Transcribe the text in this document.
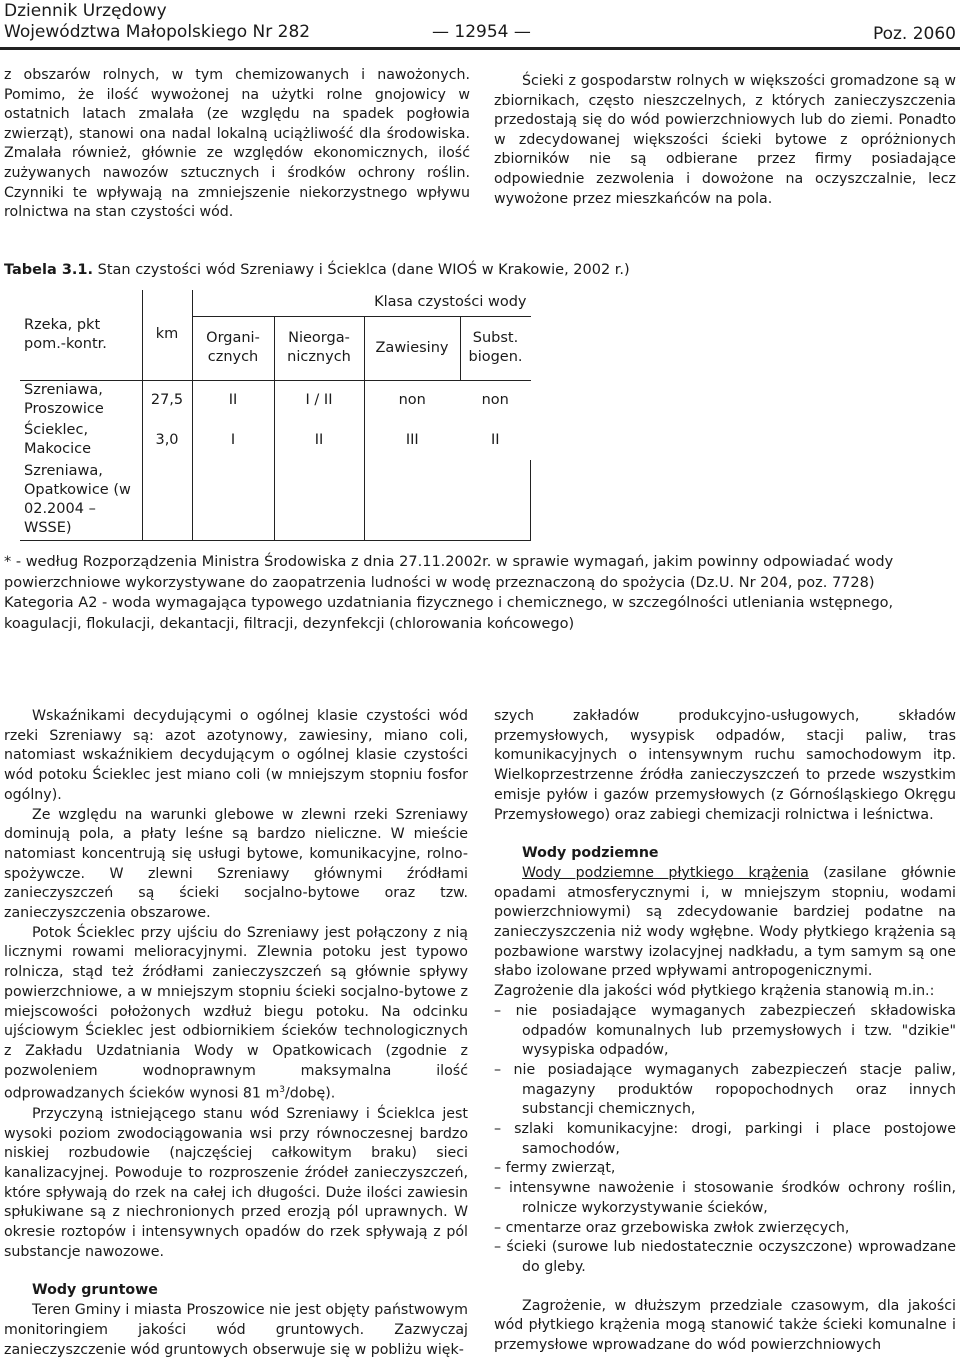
Dziennik Urzędowy
Województwa Małopolskiego Nr 282	— 12954 —	Poz. 2060

z obszarów rolnych, w tym chemizowanych i nawożonych. Pomimo, że ilość wywożonej na użytki rolne gnojowicy w ostatnich latach zmalała (ze względu na spadek pogłowia zwierząt), stanowi ona nadal lokalną uciążliwość dla środowiska. Zmalała również, głównie ze względów ekonomicznych, ilość zużywanych nawozów sztucznych i środków ochrony roślin. Czynniki te wpływają na zmniejszenie niekorzystnego wpływu rolnictwa na stan czystości wód.

Ścieki z gospodarstw rolnych w większości gromadzone są w zbiornikach, często nieszczelnych, z których zanieczyszczenia przedostają się do wód powierzchniowych lub do ziemi. Ponadto w zdecydowanej większości ścieki bytowe z opróżnionych zbiorników nie są odbierane przez firmy posiadające odpowiednie zezwolenia i dowożone na oczyszczalnie, lecz wywożone przez mieszkańców na pola.

Tabela 3.1. Stan czystości wód Szreniawy i Ścieklca (dane WIOŚ w Krakowie, 2002 r.)
Rzeka, pkt pom.-kontr.	km	Klasa czystości wody			

		Organi-cznych	Nieorga-nicznych	Zawiesiny	Subst. biogen.

Szreniawa, Proszowice	27,5	II	I / II	non	non
Ścieklec, Makocice	3,0	I	II	III	II

Szreniawa, Opatkowice (w 02.2004 – WSSE)					

* - według Rozporządzenia Ministra Środowiska z dnia 27.11.2002r. w sprawie wymagań, jakim powinny odpowiadać wody powierzchniowe wykorzystywane do zaopatrzenia ludności w wodę przeznaczoną do spożycia (Dz.U. Nr 204, poz. 7728)

Kategoria A2 - woda wymagająca typowego uzdatniania fizycznego i chemicznego, w szczególności utleniania wstępnego, koagulacji, flokulacji, dekantacji, filtracji, dezynfekcji (chlorowania końcowego)

Wskaźnikami decydującymi o ogólnej klasie czystości wód rzeki Szreniawy są: azot azotynowy, zawiesiny, miano coli, natomiast wskaźnikiem decydującym o ogólnej klasie czystości wód potoku Ścieklec jest miano coli (w mniejszym stopniu fosfor ogólny).

Ze względu na warunki glebowe w zlewni rzeki Szreniawy dominują pola, a płaty leśne są bardzo nieliczne. W mieście natomiast koncentrują się usługi bytowe, komunikacyjne, rolno-spożywcze. W zlewni Szreniawy głównymi źródłami zanieczyszczeń są ścieki socjalno-bytowe oraz tzw. zanieczyszczenia obszarowe.

Potok Ścieklec przy ujściu do Szreniawy jest połączony z nią licznymi rowami melioracyjnymi. Zlewnia potoku jest typowo rolnicza, stąd też źródłami zanieczyszczeń są głównie spływy powierzchniowe, a w mniejszym stopniu ścieki socjalno-bytowe z miejscowości położonych wzdłuż biegu potoku. Na odcinku ujściowym Ścieklec jest odbiornikiem ścieków technologicznych z Zakładu Uzdatniania Wody w Opatkowicach (zgodnie z pozwoleniem wodnoprawnym maksymalna ilość odprowadzanych ścieków wynosi 81 $m^3/dobę$).

Przyczyną istniejącego stanu wód Szreniawy i Ścieklca jest wysoki poziom zwodociągowania wsi przy równoczesnej bardzo niskiej rozbudowie (najczęściej całkowitym braku) sieci kanalizacyjnej. Powoduje to rozproszenie źródeł zanieczyszczeń, które spływają do rzek na całej ich długości. Duże ilości zawiesin spłukiwane są z niechronionych przed erozją pól uprawnych. W okresie roztopów i intensywnych opadów do rzek spływają z pól substancje nawozowe.

Wody gruntowe

Teren Gminy i miasta Proszowice nie jest objęty państwowym monitoringiem jakości wód gruntowych. Zazwyczaj zanieczyszczenie wód gruntowych obserwuje się w pobliżu więk-

szych zakładów produkcyjno-usługowych, składów przemysłowych, wysypisk odpadów, stacji paliw, tras komunikacyjnych o intensywnym ruchu samochodowym itp. Wielkoprzestrzenne źródła zanieczyszczeń to przede wszystkim emisje pyłów i gazów przemysłowych (z Górnośląskiego Okręgu Przemysłowego) oraz zabiegi chemizacji rolnictwa i leśnictwa.

Wody podziemne

Wody podziemne płytkiego krążenia (zasilane głównie opadami atmosferycznymi i, w mniejszym stopniu, wodami powierzchniowymi) są zdecydowanie bardziej podatne na zanieczyszczenia niż wody wgłębne. Wody płytkiego krążenia są pozbawione warstwy izolacyjnej nadkładu, a tym samym są one słabo izolowane przed wpływami antropogenicznymi.

Zagrożenie dla jakości wód płytkiego krążenia stanowią m.in.:

– nie posiadające wymaganych zabezpieczeń składowiska odpadów komunalnych lub przemysłowych i tzw. "dzikie" wysypiska odpadów,

– nie posiadające wymaganych zabezpieczeń stacje paliw, magazyny produktów ropopochodnych oraz innych substancji chemicznych,

– szlaki komunikacyjne: drogi, parkingi i place postojowe samochodów,

– fermy zwierząt,

– intensywne nawożenie i stosowanie środków ochrony roślin, rolnicze wykorzystywanie ścieków,

– cmentarze oraz grzebowiska zwłok zwierzęcych,

– ścieki (surowe lub niedostatecznie oczyszczone) wprowadzane do gleby.

Zagrożenie, w dłuższym przedziale czasowym, dla jakości wód płytkiego krążenia mogą stanowić także ścieki komunalne i przemysłowe wprowadzane do wód powierzchniowych
